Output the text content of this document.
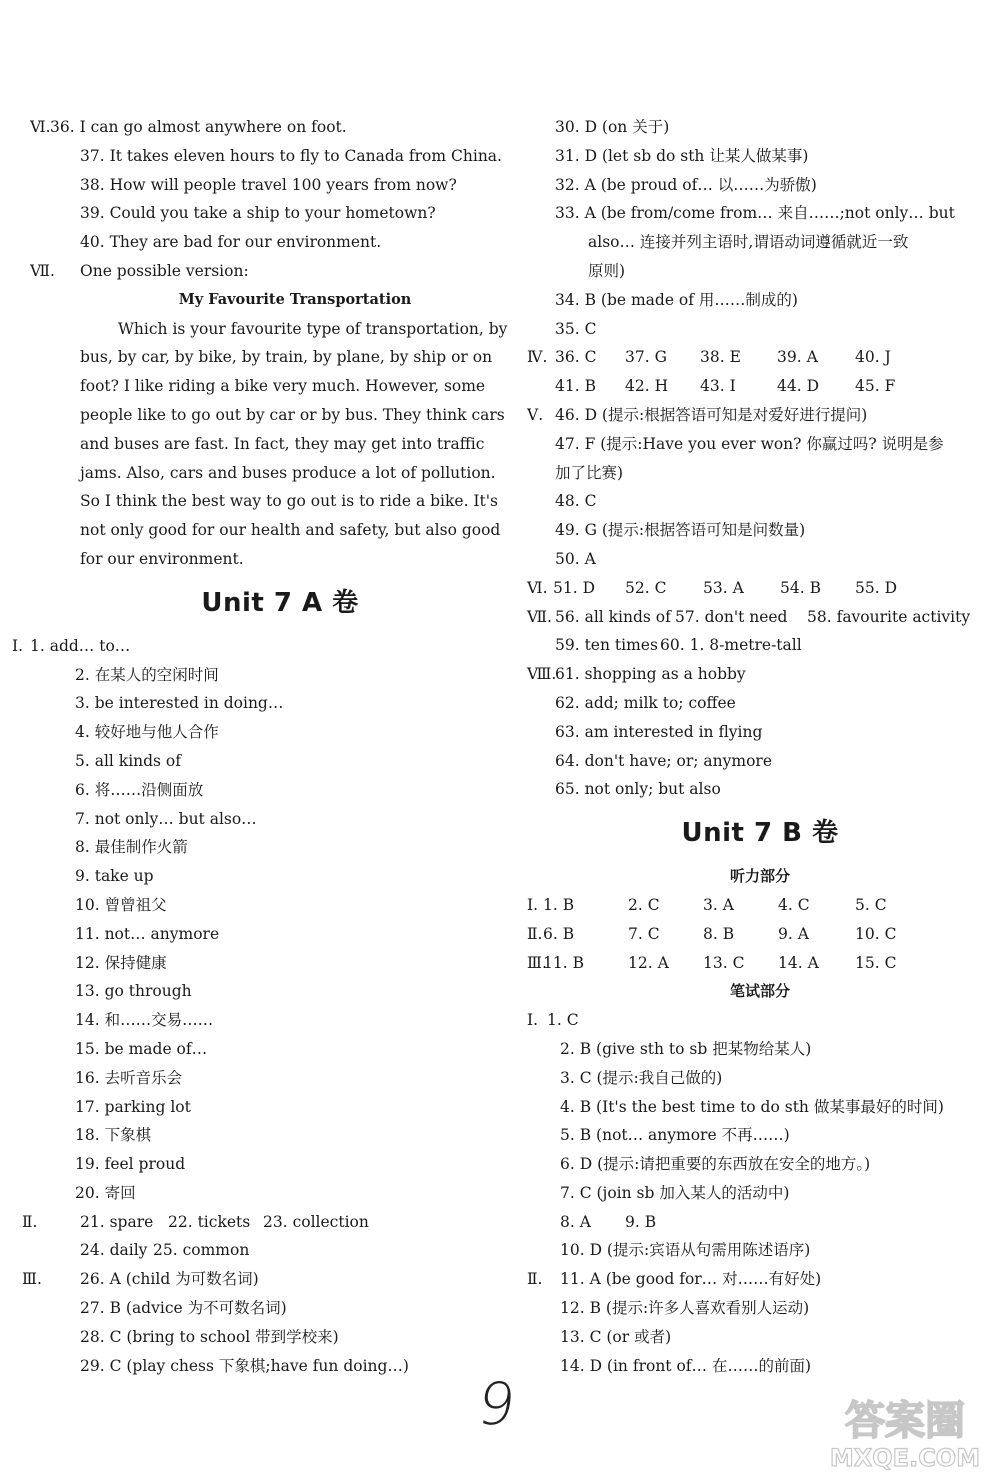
Ⅵ. 36. I can go almost anywhere on foot.
37. It takes eleven hours to fly to Canada from China.
38. How will people travel 100 years from now?
39. Could you take a ship to your hometown?
40. They are bad for our environment.
Ⅶ. One possible version:
My Favourite Transportation
Which is your favourite type of transportation, by
bus, by car, by bike, by train, by plane, by ship or on
foot? I like riding a bike very much. However, some
people like to go out by car or by bus. They think cars
and buses are fast. In fact, they may get into traffic
jams. Also, cars and buses produce a lot of pollution.
So I think the best way to go out is to ride a bike. It's
not only good for our health and safety, but also good
for our environment.
Unit 7 A 卷
Ⅰ. 1. add… to…
2. 在某人的空闲时间
3. be interested in doing…
4. 较好地与他人合作
5. all kinds of
6. 将……沿侧面放
7. not only… but also…
8. 最佳制作火箭
9. take up
10. 曾曾祖父
11. not… anymore
12. 保持健康
13. go through
14. 和……交易……
15. be made of…
16. 去听音乐会
17. parking lot
18. 下象棋
19. feel proud
20. 寄回
Ⅱ.	21. spare 22. tickets 23. collection
24. daily 25. common
Ⅲ. 26. A (child 为可数名词)
27. B (advice 为不可数名词)
28. C (bring to school 带到学校来)
29. C (play chess 下象棋;have fun doing…)
30. D (on 关于)
31. D (let sb do sth 让某人做某事)
32. A (be proud of… 以……为骄傲)
33. A (be from/come from… 来自……;not only… but
also… 连接并列主语时,谓语动词遵循就近一致
原则)
34. B (be made of 用……制成的)
35. C
Ⅳ. 36. C 37. G 38. E 39. A 40. J
41. B 42. H 43. I	44. D 45. F
Ⅴ. 46. D (提示:根据答语可知是对爱好进行提问)
47. F (提示:Have you ever won? 你赢过吗? 说明是参
加了比赛)
48. C
49. G (提示:根据答语可知是问数量)
50. A
Ⅵ. 51. D 52. C 53. A 54. B 55. D
Ⅶ. 56. all kinds of 57. don't need 58. favourite activity
59. ten times 60. 1. 8-metre-tall
Ⅷ.
61. shopping as a hobby
62. add; milk to; coffee
63. am interested in flying
64. don't have; or; anymore
65. not only; but also
Unit 7 B 卷
听力部分
Ⅰ. 1. B	2. C	3. A	4. C	5. C
Ⅱ. 6. B	7. C	8. B	9. A	10. C
Ⅲ.
11. B	12. A 13. C 14. A 15. C
笔试部分
Ⅰ. 1. C
2. B (give sth to sb 把某物给某人)
3. C (提示:我自己做的)
4. B (It's the best time to do sth 做某事最好的时间)
5. B (not… anymore 不再……)
6. D (提示:请把重要的东西放在安全的地方。)
7. C (join sb 加入某人的活动中)
8. A 9. B
10. D (提示:宾语从句需用陈述语序)
Ⅱ. 11. A (be good for… 对……有好处)
12. B (提示:许多人喜欢看别人运动)
13. C (or 或者)
14. D (in front of… 在……的前面)
9	答案圈
MXQE.COM
